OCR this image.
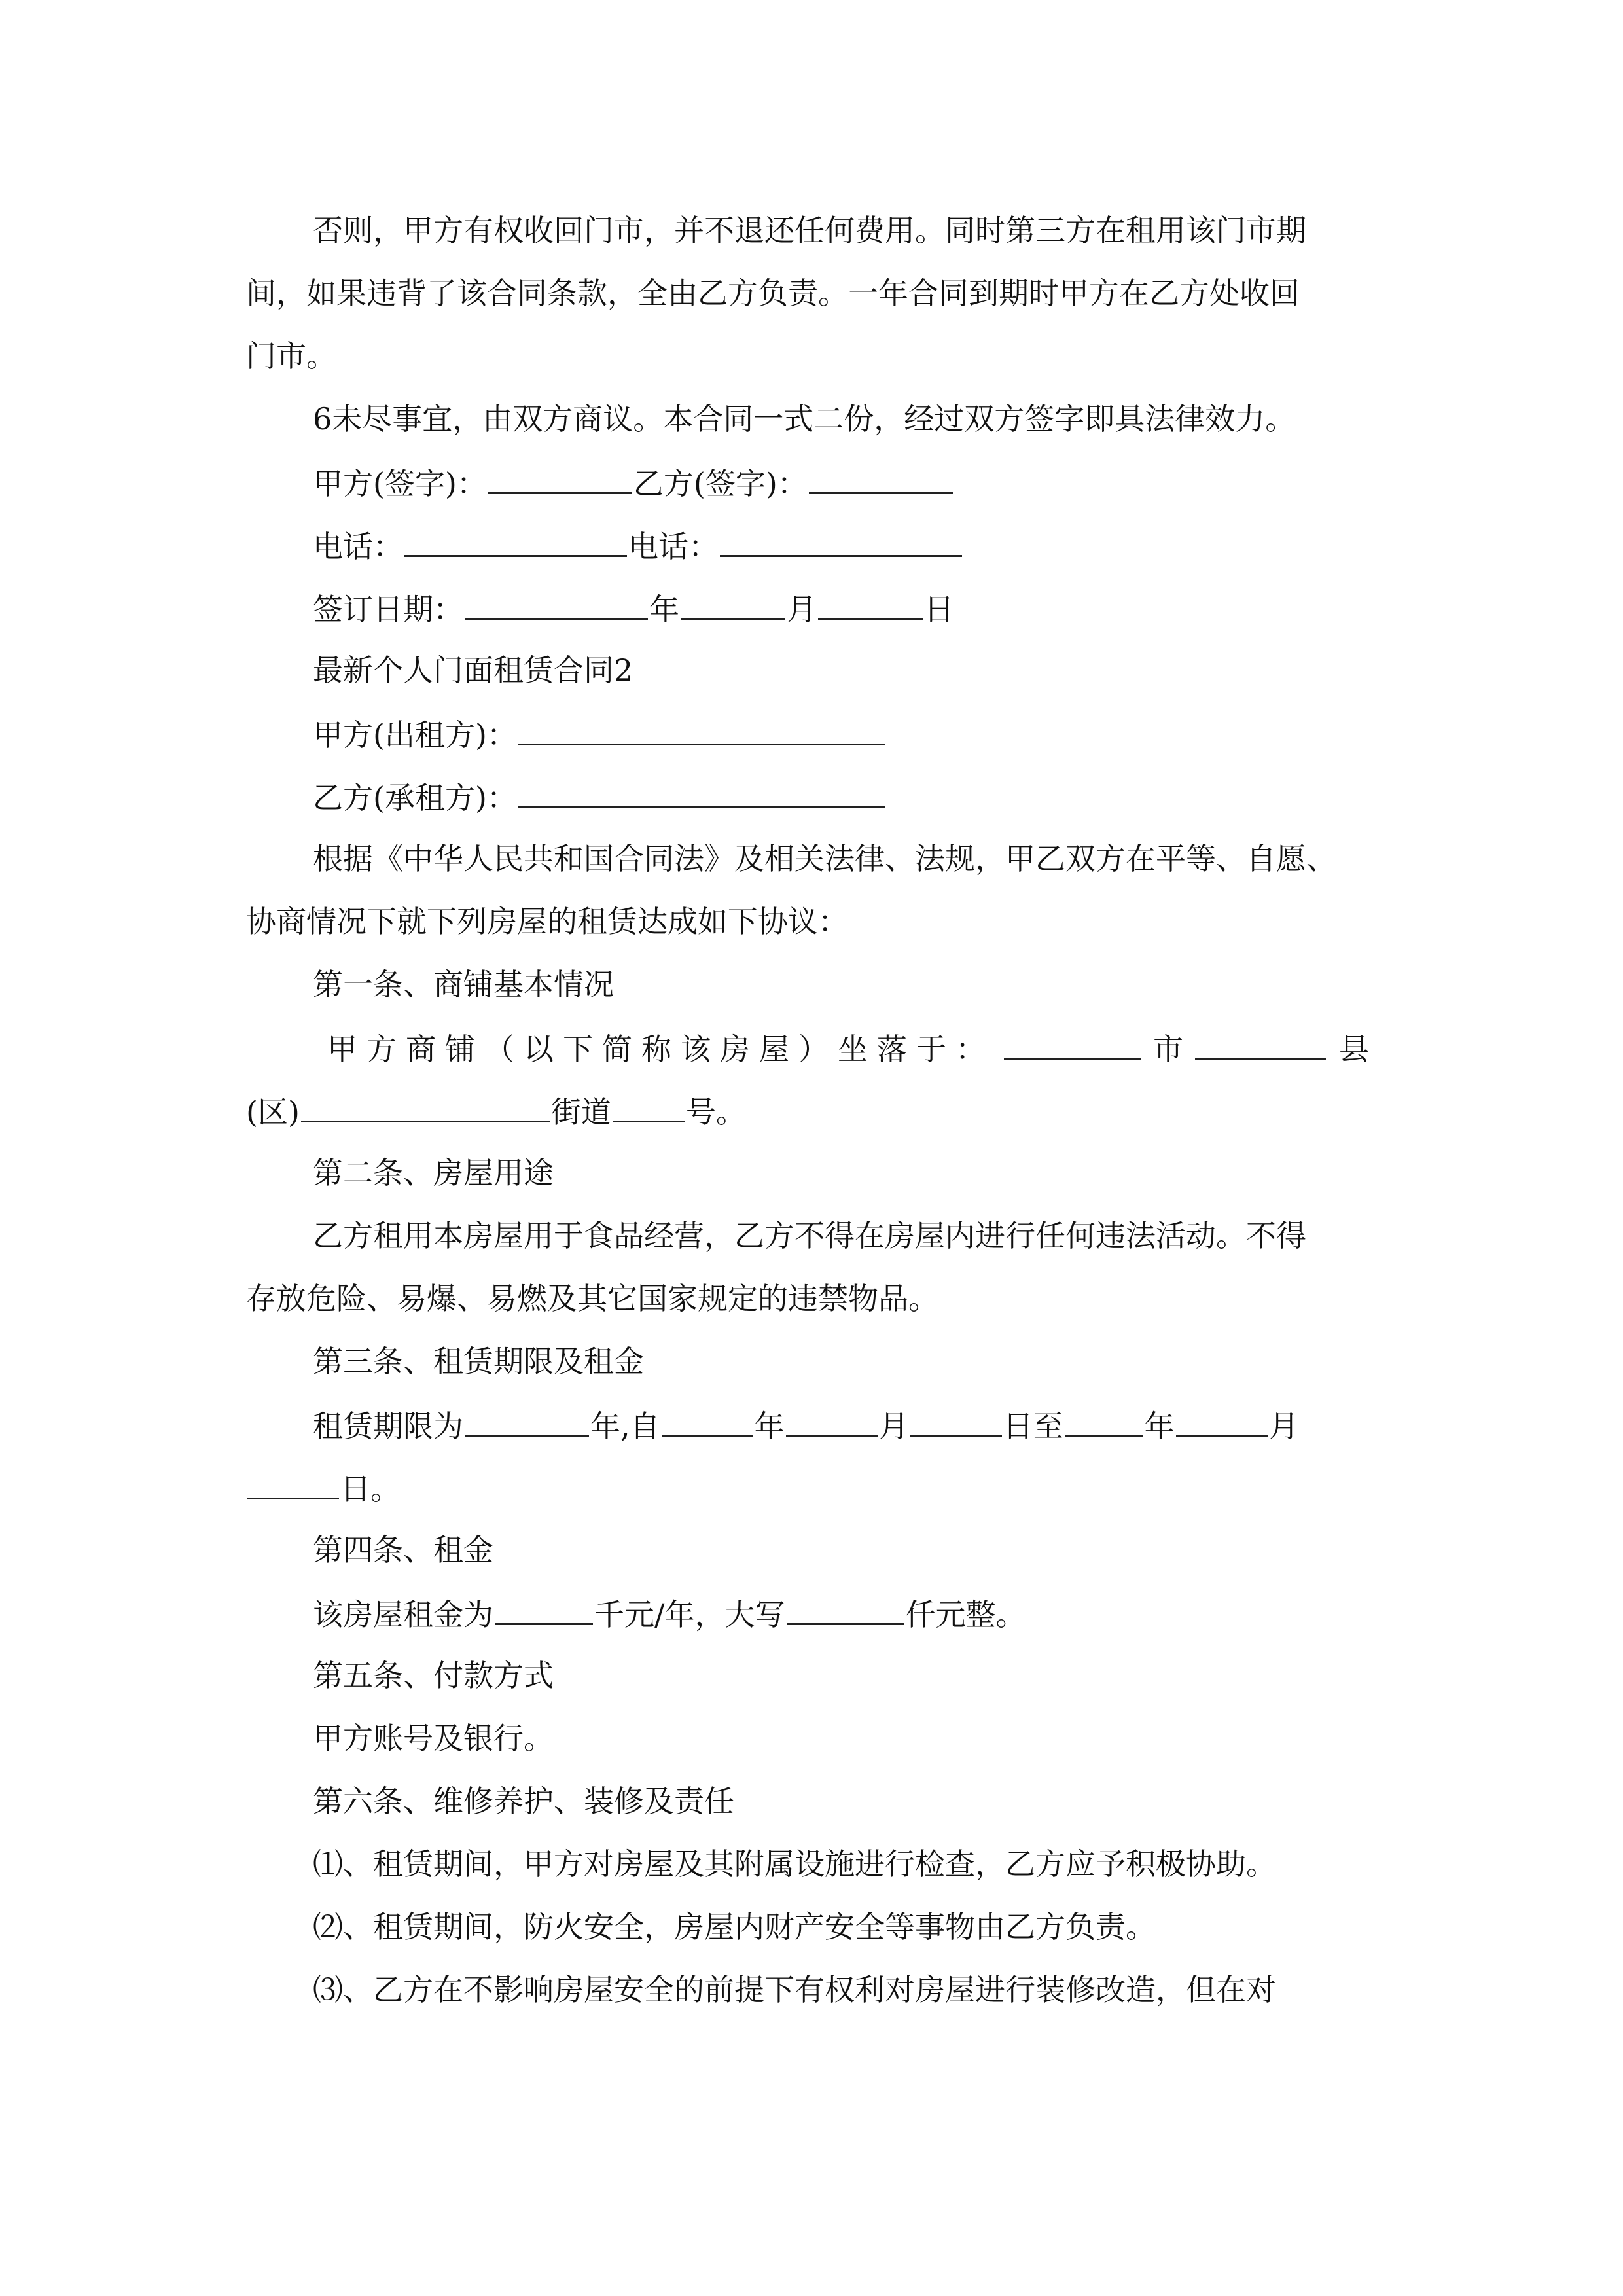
否则，甲方有权收回门市，并不退还任何费用。同时第三方在租用该门市期
间，如果违背了该合同条款，全由乙方负责。一年合同到期时甲方在乙方处收回
门市。
6未尽事宜，由双方商议。本合同一式二份，经过双方签字即具法律效力。
甲方(签字)：	乙方(签字)：
电话：	电话：
签订日期：	年	月	日
最新个人门面租赁合同2
甲方(出租方)：
乙方(承租方)：
根据《中华人民共和国合同法》及相关法律、法规，甲乙双方在平等、自愿、
协商情况下就下列房屋的租赁达成如下协议：
第一条、商铺基本情况
甲方商铺（以下简称该房屋）坐落于：	市	县
(区)	街道 号。
第二条、房屋用途
乙方租用本房屋用于食品经营，乙方不得在房屋内进行任何违法活动。不得
存放危险、易爆、易燃及其它国家规定的违禁物品。
第三条、租赁期限及租金
租赁期限为	年,自	年	月	日至	年	月
日。
第四条、租金
该房屋租金为	千元/年，大写	仟元整。
第五条、付款方式
甲方账号及银行。
第六条、维修养护、装修及责任
⑴、租赁期间，甲方对房屋及其附属设施进行检查，乙方应予积极协助。
⑵、租赁期间，防火安全，房屋内财产安全等事物由乙方负责。
⑶、乙方在不影响房屋安全的前提下有权利对房屋进行装修改造，但在对
